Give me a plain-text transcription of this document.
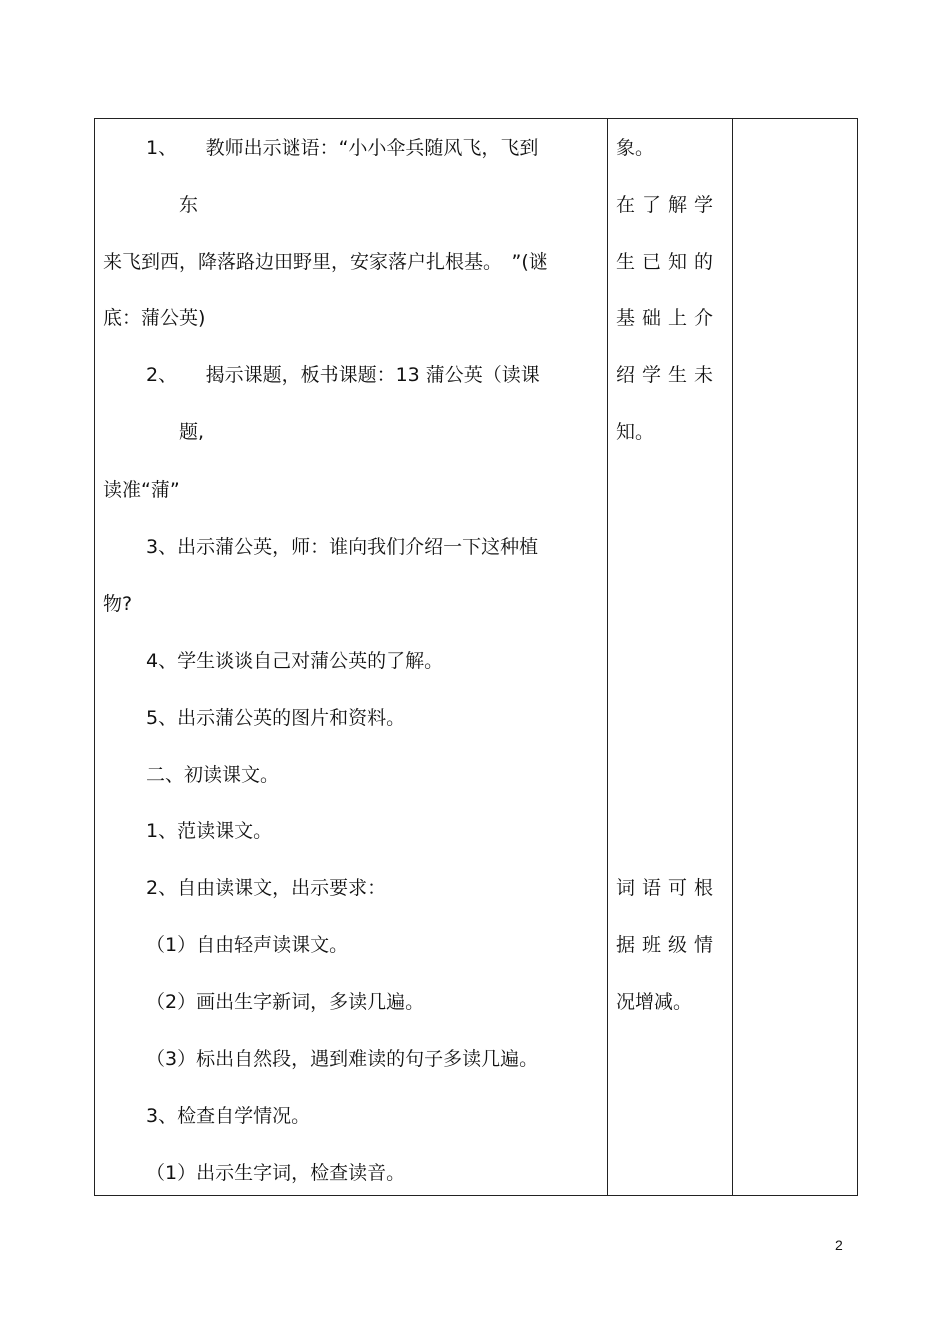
1、　　教师出示谜语：“小小伞兵随风飞，飞到
东
来飞到西，降落路边田野里，安家落户扎根基。　”(谜
底：蒲公英)
2、　　揭示课题，板书课题：13 蒲公英（读课
题,
读准“蒲”
3、出示蒲公英，师：谁向我们介绍一下这种植
物?
4、学生谈谈自己对蒲公英的了解。
5、出示蒲公英的图片和资料。
二、初读课文。
1、范读课文。
2、自由读课文，出示要求：
（1）自由轻声读课文。
（2）画出生字新词，多读几遍。
（3）标出自然段，遇到难读的句子多读几遍。
3、检查自学情况。
（1）出示生字词，检查读音。
象。
在了解学
生已知的
基础上介
绍学生未
知。
词语可根
据班级情
况增减。
2
